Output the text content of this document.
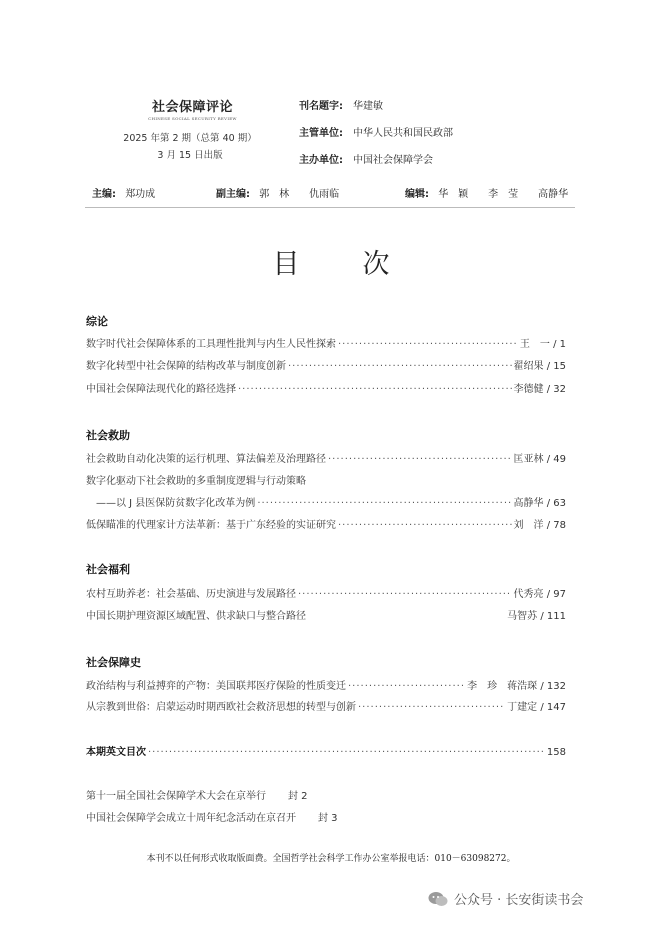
社会保障评论
CHINESE SOCIAL SECURITY REVIEW
2025 年第 2 期（总第 40 期）
3 月 15 日出版
刊名题字: 华建敏
主管单位: 中华人民共和国民政部
主办单位: 中国社会保障学会
主编: 郑功成	副主编: 郭　林　　仇雨临	编辑: 华　颖　　李　莹　　高静华
目　次
综论
数字时代社会保障体系的工具理性批判与内生人民性探索 ·····	王　一 / 1
数字化转型中社会保障的结构改革与制度创新 ·····	翟绍果 / 15
中国社会保障法现代化的路径选择 ·····	李德健 / 32
社会救助
社会救助自动化决策的运行机理、算法偏差及治理路径 ·····	匡亚林 / 49
数字化驱动下社会救助的多重制度逻辑与行动策略
——以 J 县医保防贫数字化改革为例 ·····	高静华 / 63
低保瞄准的代理家计方法革新：基于广东经验的实证研究 ·····	刘　洋 / 78
社会福利
农村互助养老：社会基础、历史演进与发展路径 ·····	代秀亮 / 97
中国长期护理资源区域配置、供求缺口与整合路径	马智苏 / 111
社会保障史
政治结构与利益搏弈的产物：美国联邦医疗保险的性质变迁 ·····	李　珍　蒋浩琛 / 132
从宗教到世俗：启蒙运动时期西欧社会救济思想的转型与创新 ·····	丁建定 / 147
本期英文目次 ·····	158
第十一届全国社会保障学术大会在京举行 封 2
中国社会保障学会成立十周年纪念活动在京召开 封 3
本刊不以任何形式收取版面费。全国哲学社会科学工作办公室举报电话：010－63098272。
公众号 · 长安街读书会
